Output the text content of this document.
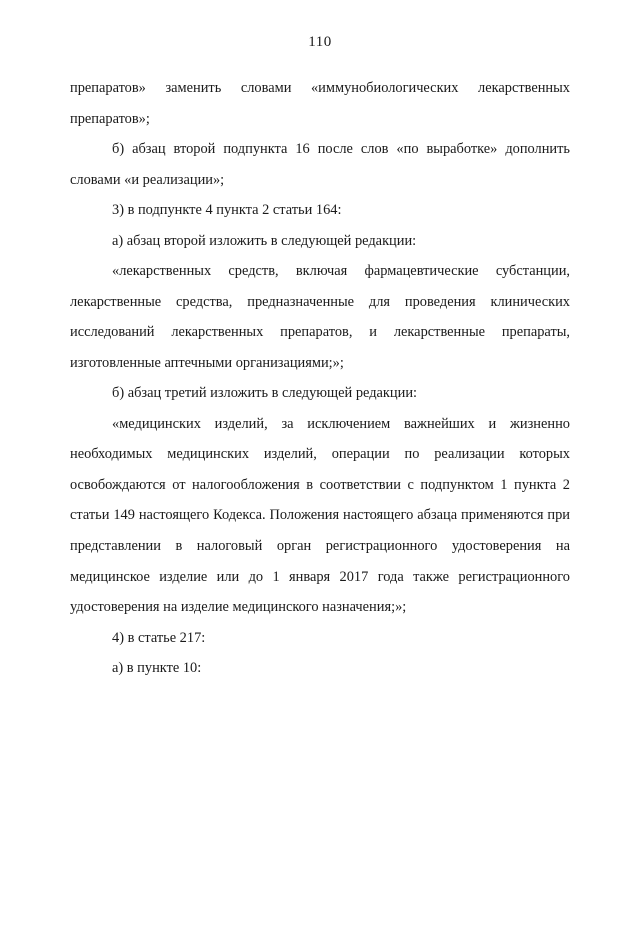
110

препаратов» заменить словами «иммунобиологических лекарственных препаратов»;

б) абзац второй подпункта 16 после слов «по выработке» дополнить словами «и реализации»;

3) в подпункте 4 пункта 2 статьи 164:

а) абзац второй изложить в следующей редакции:

«лекарственных средств, включая фармацевтические субстанции, лекарственные средства, предназначенные для проведения клинических исследований лекарственных препаратов, и лекарственные препараты, изготовленные аптечными организациями;»;

б) абзац третий изложить в следующей редакции:

«медицинских изделий, за исключением важнейших и жизненно необходимых медицинских изделий, операции по реализации которых освобождаются от налогообложения в соответствии с подпунктом 1 пункта 2 статьи 149 настоящего Кодекса. Положения настоящего абзаца применяются при представлении в налоговый орган регистрационного удостоверения на медицинское изделие или до 1 января 2017 года также регистрационного удостоверения на изделие медицинского назначения;»;

4) в статье 217:

а) в пункте 10:
